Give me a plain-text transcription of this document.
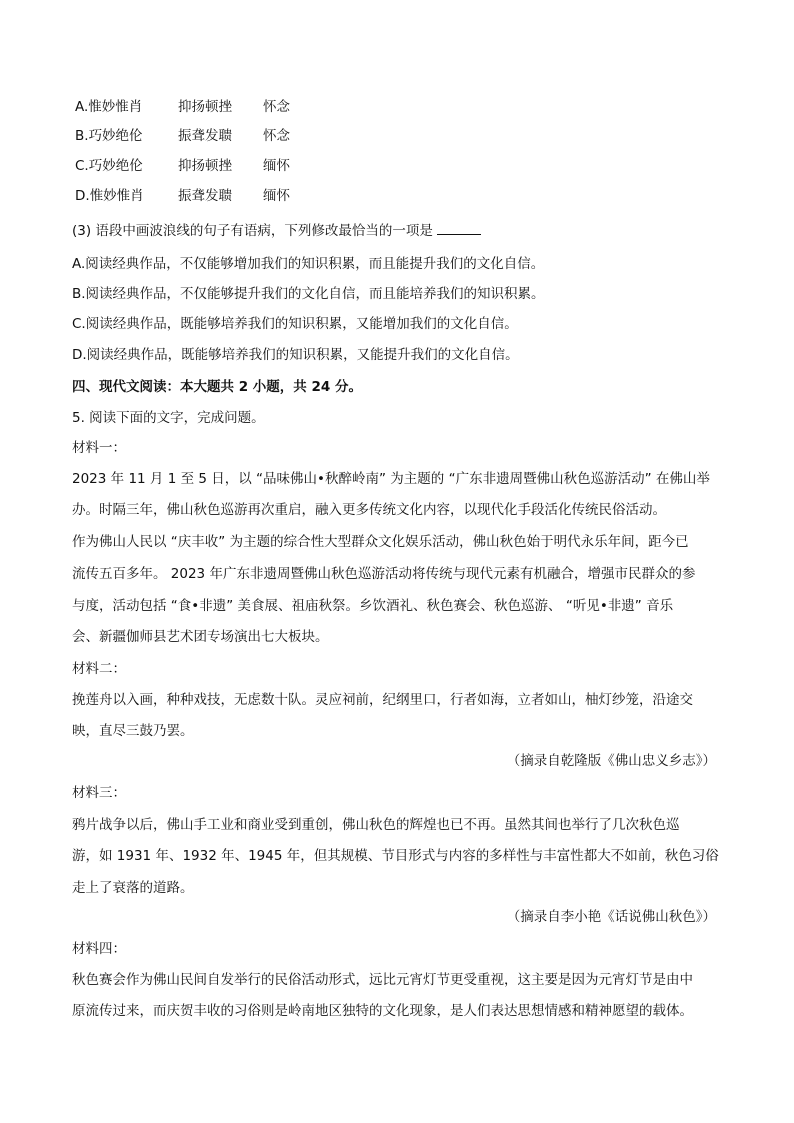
A.惟妙惟肖	抑扬顿挫 怀念
B.巧妙绝伦	振聋发聩 怀念
C.巧妙绝伦	抑扬顿挫 缅怀
D.惟妙惟肖	振聋发聩 缅怀
(3) 语段中画波浪线的句子有语病，下列修改最恰当的一项是
A.阅读经典作品，不仅能够增加我们的知识积累，而且能提升我们的文化自信。
B.阅读经典作品，不仅能够提升我们的文化自信，而且能培养我们的知识积累。
C.阅读经典作品，既能够培养我们的知识积累，又能增加我们的文化自信。
D.阅读经典作品，既能够培养我们的知识积累，又能提升我们的文化自信。
四、现代文阅读：本大题共 2 小题，共 24 分。
5. 阅读下面的文字，完成问题。
材料一：
2023 年 11 月 1 至 5 日，以 “品味佛山•秋醉岭南” 为主题的 “广东非遗周暨佛山秋色巡游活动” 在佛山举
办。时隔三年，佛山秋色巡游再次重启，融入更多传统文化内容，以现代化手段活化传统民俗活动。
作为佛山人民以 “庆丰收” 为主题的综合性大型群众文化娱乐活动，佛山秋色始于明代永乐年间，距今已
流传五百多年。 2023 年广东非遗周暨佛山秋色巡游活动将传统与现代元素有机融合，增强市民群众的参
与度，活动包括 “食•非遗” 美食展、祖庙秋祭。乡饮酒礼、秋色赛会、秋色巡游、 “听见•非遗” 音乐
会、新疆伽师县艺术团专场演出七大板块。
材料二：
挽莲舟以入画，种种戏技，无虑数十队。灵应祠前，纪纲里口，行者如海，立者如山，柚灯纱笼，沿途交
映，直尽三鼓乃罢。
（摘录自乾隆版《佛山忠义乡志》）
材料三：
鸦片战争以后，佛山手工业和商业受到重创，佛山秋色的辉煌也已不再。虽然其间也举行了几次秋色巡
游，如 1931 年、1932 年、1945 年，但其规模、节目形式与内容的多样性与丰富性都大不如前，秋色习俗
走上了衰落的道路。
（摘录自李小艳《话说佛山秋色》）
材料四：
秋色赛会作为佛山民间自发举行的民俗活动形式，远比元宵灯节更受重视，这主要是因为元宵灯节是由中
原流传过来，而庆贺丰收的习俗则是岭南地区独特的文化现象，是人们表达思想情感和精神愿望的载体。
